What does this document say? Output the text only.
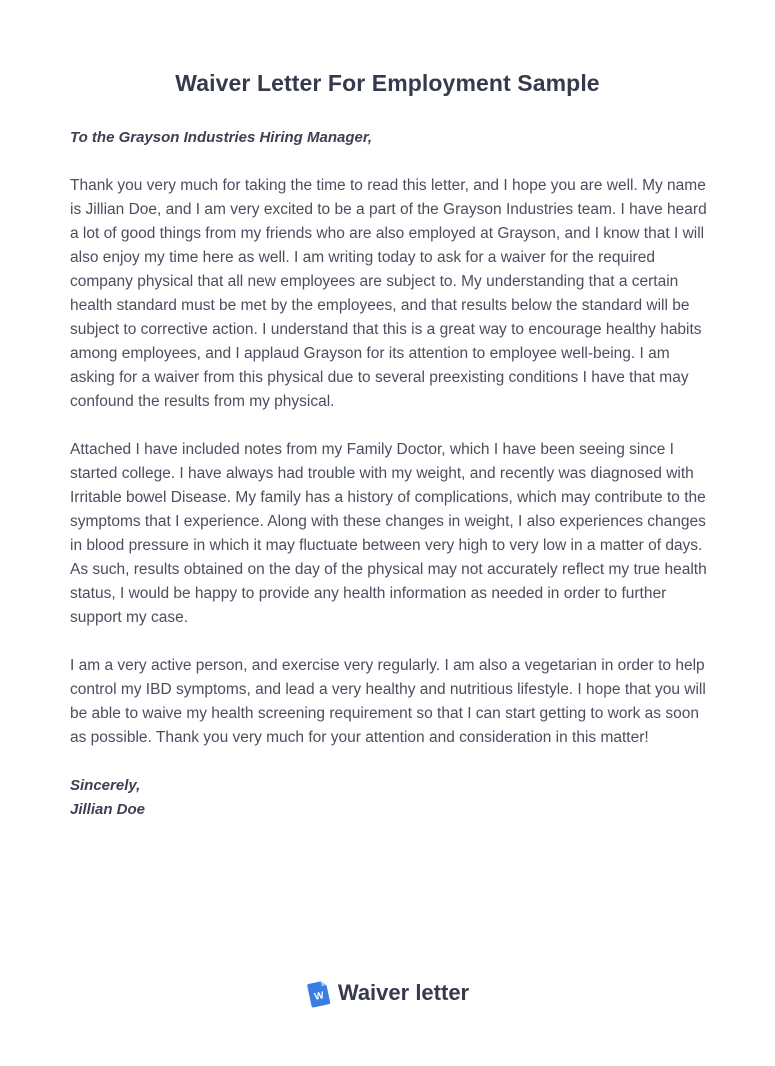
Waiver Letter For Employment Sample

To the Grayson Industries Hiring Manager,

Thank you very much for taking the time to read this letter, and I hope you are well. My name is Jillian Doe, and I am very excited to be a part of the Grayson Industries team. I have heard a lot of good things from my friends who are also employed at Grayson, and I know that I will also enjoy my time here as well. I am writing today to ask for a waiver for the required company physical that all new employees are subject to. My understanding that a certain health standard must be met by the employees, and that results below the standard will be subject to corrective action. I understand that this is a great way to encourage healthy habits among employees, and I applaud Grayson for its attention to employee well-being. I am asking for a waiver from this physical due to several preexisting conditions I have that may confound the results from my physical.

Attached I have included notes from my Family Doctor, which I have been seeing since I started college. I have always had trouble with my weight, and recently was diagnosed with Irritable bowel Disease. My family has a history of complications, which may contribute to the symptoms that I experience. Along with these changes in weight, I also experiences changes in blood pressure in which it may fluctuate between very high to very low in a matter of days. As such, results obtained on the day of the physical may not accurately reflect my true health status, I would be happy to provide any health information as needed in order to further support my case.

I am a very active person, and exercise very regularly. I am also a vegetarian in order to help control my IBD symptoms, and lead a very healthy and nutritious lifestyle. I hope that you will be able to waive my health screening requirement so that I can start getting to work as soon as possible. Thank you very much for your attention and consideration in this matter!

Sincerely,

Jillian Doe

W Waiver letter
